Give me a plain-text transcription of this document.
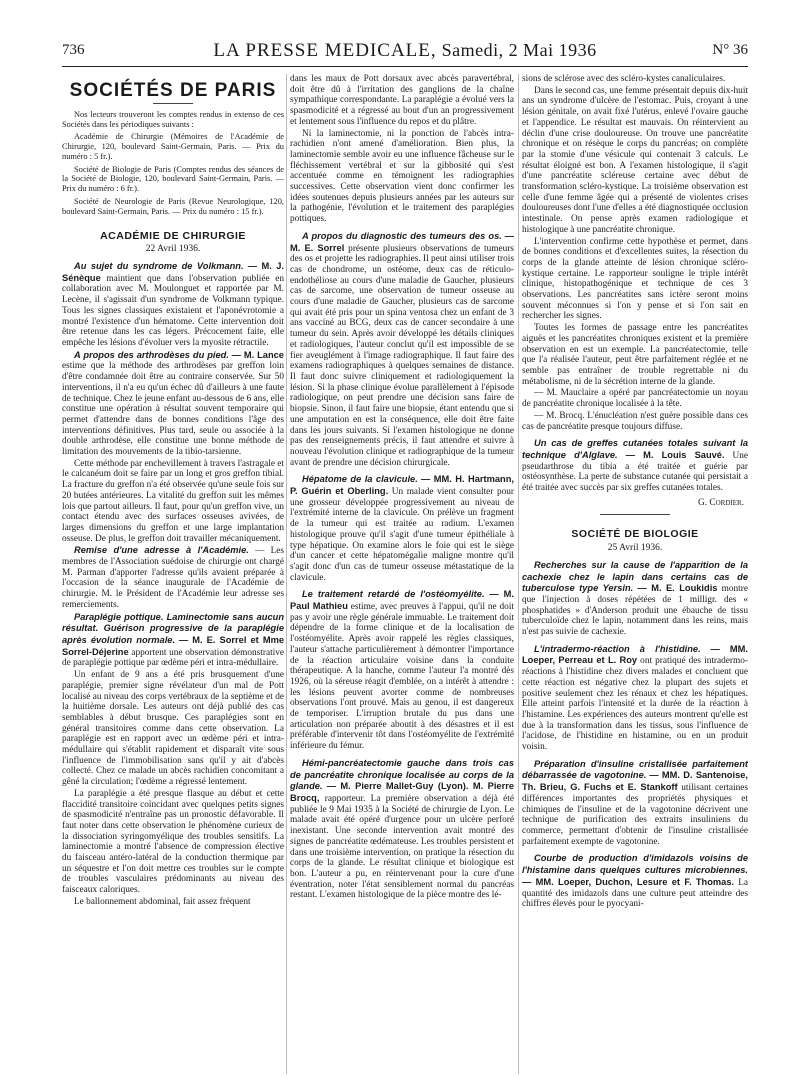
736	LA PRESSE MEDICALE, Samedi, 2 Mai 1936	N° 36
SOCIÉTÉS DE PARIS

Nos lecteurs trouveront les comptes rendus in extenso de ces Sociétés dans les périodiques suivants :

Académie de Chirurgie (Mémoires de l'Académie de Chirurgie, 120, boulevard Saint-Germain, Paris. — Prix du numéro : 5 fr.).

Société de Biologie de Paris (Comptes rendus des séances de la Société de Biologie, 120, boulevard Saint-Germain, Paris. — Prix du numéro : 6 fr.).

Société de Neurologie de Paris (Revue Neurologique, 120, boulevard Saint-Germain, Paris. — Prix du numéro : 15 fr.).

ACADÉMIE DE CHIRURGIE
22 Avril 1936.

Au sujet du syndrome de Volkmann. — M. J. Sénèque maintient que dans l'observation publiée en collaboration avec M. Moulonguet et rapportée par M. Lecène, il s'agissait d'un syndrome de Volkmann typique. Tous les signes classiques existaient et l'aponévrotomie a montré l'existence d'un hématome. Cette intervention doit être retenue dans les cas légers. Précocement faite, elle empêche les lésions d'évoluer vers la myosite rétractile.

A propos des arthrodèses du pied. — M. Lance estime que la méthode des arthrodèses par greffon loin d'être condamnée doit être au contraire conservée. Sur 50 interventions, il n'a eu qu'un échec dû d'ailleurs à une faute de technique. Chez le jeune enfant au-dessous de 6 ans, elle constitue une opération à résultat souvent temporaire qui permet d'attendre dans de bonnes conditions l'âge des interventions définitives. Plus tard, seule ou associée à la double arthrodèse, elle constitue une bonne méthode de limitation des mouvements de la tibio-tarsienne.

Cette méthode par enchevillement à travers l'astragale et le calcanéum doit se faire par un long et gros greffon tibial. La fracture du greffon n'a été observée qu'une seule fois sur 20 butées antérieures. La vitalité du greffon suit les mêmes lois que partout ailleurs. Il faut, pour qu'un greffon vive, un contact étendu avec des surfaces osseuses avivées, de larges dimensions du greffon et une large implantation osseuse. De plus, le greffon doit travailler mécaniquement.

Remise d'une adresse à l'Académie. — Les membres de l'Association suédoise de chirurgie ont chargé M. Parman d'apporter l'adresse qu'ils avaient préparée à l'occasion de la séance inaugurale de l'Académie de chirurgie. M. le Président de l'Académie leur adresse ses remerciements.

Paraplégie pottique. Laminectomie sans aucun résultat. Guérison progressive de la paraplégie après évolution normale. — M. E. Sorrel et Mme Sorrel-Déjerine apportent une observation démonstrative de paraplégie pottique par œdème péri et intra-médullaire.

Un enfant de 9 ans a été pris brusquement d'une paraplégie, premier signe révélateur d'un mal de Pott localisé au niveau des corps vertébraux de la septième et de la huitième dorsale. Les auteurs ont déjà publié des cas semblables à début brusque. Ces paraplégies sont en général transitoires comme dans cette observation. La paraplégie est en rapport avec un œdème péri et intra-médullaire qui s'établit rapidement et disparaît vite sous l'influence de l'immobilisation sans qu'il y ait d'abcès collecté. Chez ce malade un abcès rachidien concomitant a gêné la circulation; l'œdème a régressé lentement.

La paraplégie a été presque flasque au début et cette flaccidité transitoire coïncidant avec quelques petits signes de spasmodicité n'entraîne pas un pronostic défavorable. Il faut noter dans cette observation le phénomène curieux de la dissociation syringomyélique des troubles sensitifs. La laminectomie a montré l'absence de compression élective du faisceau antéro-latéral de la conduction thermique par un séquestre et l'on doit mettre ces troubles sur le compte de troubles vasculaires prédominants au niveau des faisceaux caloriques.

Le ballonnement abdominal, fait assez fréquent

dans les maux de Pott dorsaux avec abcès paravertébral, doit être dû à l'irritation des ganglions de la chaîne sympathique correspondante. La paraplégie a évolué vers la spasmodicité et a régressé au bout d'un an progressivement et lentement sous l'influence du repos et du plâtre.

Ni la laminectomie, ni la ponction de l'abcès intra-rachidien n'ont amené d'amélioration. Bien plus, la laminectomie semble avoir eu une influence fâcheuse sur le fléchissement vertébral et sur la gibbosité qui s'est accentuée comme en témoignent les radiographies successives. Cette observation vient donc confirmer les idées soutenues depuis plusieurs années par les auteurs sur la pathogénie, l'évolution et le traitement des paraplégies pottiques.

A propos du diagnostic des tumeurs des os. — M. E. Sorrel présente plusieurs observations de tumeurs des os et projette les radiographies. Il peut ainsi utiliser trois cas de chondrome, un ostéome, deux cas de réticulo-endothéliose au cours d'une maladie de Gaucher, plusieurs cas de sarcome, une observation de tumeur osseuse au cours d'une maladie de Gaucher, plusieurs cas de sarcome qui avait été pris pour un spina ventosa chez un enfant de 3 ans vacciné au BCG, deux cas de cancer secondaire à une tumeur du sein. Après avoir développé les détails cliniques et radiologiques, l'auteur conclut qu'il est impossible de se fier aveuglément à l'image radiographique. Il faut faire des examens radiographiques à quelques semaines de distance. Il faut donc suivre cliniquement et radiologiquement la lésion. Si la phase clinique évolue parallèlement à l'épisode radiologique, on peut prendre une décision sans faire de biopsie. Sinon, il faut faire une biopsie, étant entendu que si une amputation en est la conséquence, elle doit être faite dans les jours suivants. Si l'examen histologique ne donne pas des renseignements précis, il faut attendre et suivre à nouveau l'évolution clinique et radiographique de la tumeur avant de prendre une décision chirurgicale.

Hépatome de la clavicule. — MM. H. Hartmann, P. Guérin et Oberling. Un malade vient consulter pour une grosseur développée progressivement au niveau de l'extrémité interne de la clavicule. On prélève un fragment de la tumeur qui est traitée au radium. L'examen histologique prouve qu'il s'agit d'une tumeur épithéliale à type hépatique. On examine alors le foie qui est le siège d'un cancer et cette hépatomégalie maligne montre qu'il s'agit donc d'un cas de tumeur osseuse métastatique de la clavicule.

Le traitement retardé de l'ostéomyélite. — M. Paul Mathieu estime, avec preuves à l'appui, qu'il ne doit pas y avoir une règle générale immuable. Le traitement doit dépendre de la forme clinique et de la localisation de l'ostéomyélite. Après avoir rappelé les règles classiques, l'auteur s'attache particulièrement à démontrer l'importance de la réaction articulaire voisine dans la conduite thérapeutique. A la hanche, comme l'auteur l'a montré dès 1926, où la séreuse réagit d'emblée, on a intérêt à attendre : les lésions peuvent avorter comme de nombreuses observations l'ont prouvé. Mais au genou, il est dangereux de temporiser. L'irruption brutale du pus dans une articulation non préparée aboutit à des désastres et il est préférable d'intervenir tôt dans l'ostéomyélite de l'extrémité inférieure du fémur.

Hémi-pancréatectomie gauche dans trois cas de pancréatite chronique localisée au corps de la glande. — M. Pierre Mallet-Guy (Lyon). M. Pierre Brocq, rapporteur. La première observation a déjà été publiée le 9 Mai 1935 à la Société de chirurgie de Lyon. Le malade avait été opéré d'urgence pour un ulcère perforé inexistant. Une seconde intervention avait montré des signes de pancréatite œdémateuse. Les troubles persistent et dans une troisième intervention, on pratique la résection du corps de la glande. Le résultat clinique et biologique est bon. L'auteur a pu, en réintervenant pour la cure d'une éventration, noter l'état sensiblement normal du pancréas restant. L'examen histologique de la pièce montre des lé-

sions de sclérose avec des scléro-kystes canaliculaires.

Dans le second cas, une femme présentait depuis dix-huit ans un syndrome d'ulcère de l'estomac. Puis, croyant à une lésion génitale, on avait fixé l'utérus, enlevé l'ovaire gauche et l'appendice. Le résultat est mauvais. On réintervient au déclin d'une crise douloureuse. On trouve une pancréatite chronique et on résèque le corps du pancréas; on complète par la stomie d'une vésicule qui contenait 3 calculs. Le résultat éloigné est bon. A l'examen histologique, il s'agit d'une pancréatite scléreuse certaine avec début de transformation scléro-kystique. La troisième observation est celle d'une femme âgée qui a présenté de violentes crises douloureuses dont l'une d'elles a été diagnostiquée occlusion intestinale. On pense après examen radiologique et histologique à une pancréatite chronique.

L'intervention confirme cette hypothèse et permet, dans de bonnes conditions et d'excellentes suites, la résection du corps de la glande atteinte de lésion chronique scléro-kystique certaine. Le rapporteur souligne le triple intérêt clinique, histopathogénique et technique de ces 3 observations. Les pancréatites sans ictère seront moins souvent méconnues si l'on y pense et si l'on sait en rechercher les signes.

Toutes les formes de passage entre les pancréatites aiguës et les pancréatites chroniques existent et la première observation en est un exemple. La pancréatectomie, telle que l'a réalisée l'auteur, peut être parfaitement réglée et ne semble pas entraîner de trouble regrettable ni du métabolisme, ni de la sécrétion interne de la glande.

— M. Mauclaire a opéré par pancréatectomie un noyau de pancréatite chronique localisée à la tête.

— M. Brocq. L'énucléation n'est guère possible dans ces cas de pancréatite presque toujours diffuse.

Un cas de greffes cutanées totales suivant la technique d'Alglave. — M. Louis Sauvé. Une pseudarthrose du tibia a été traitée et guérie par ostéosynthèse. La perte de substance cutanée qui persistait a été traitée avec succès par six greffes cutanées totales.

G. Cordier.
SOCIÉTÉ DE BIOLOGIE
25 Avril 1936.

Recherches sur la cause de l'apparition de la cachexie chez le lapin dans certains cas de tuberculose type Yersin. — M. E. Loukidis montre que l'injection à doses répétées de 1 milligr. des « phosphatides » d'Anderson produit une ébauche de tissu tuberculoïde chez le lapin, notamment dans les reins, mais n'est pas suivie de cachexie.

L'intradermo-réaction à l'histidine. — MM. Loeper, Perreau et L. Roy ont pratiqué des intradermo-réactions à l'histidine chez divers malades et concluent que cette réaction est négative chez la plupart des sujets et positive seulement chez les rénaux et chez les hépatiques. Elle atteint parfois l'intensité et la durée de la réaction à l'histamine. Les expériences des auteurs montrent qu'elle est due à la transformation dans les tissus, sous l'influence de l'acidose, de l'histidine en histamine, ou en un produit voisin.

Préparation d'insuline cristallisée parfaitement débarrassée de vagotonine. — MM. D. Santenoise, Th. Brieu, G. Fuchs et E. Stankoff utilisant certaines différences importantes des propriétés physiques et chimiques de l'insuline et de la vagotonine décrivent une technique de purification des extraits insuliniens du commerce, permettant d'obtenir de l'insuline cristallisée parfaitement exempte de vagotonine.

Courbe de production d'imidazols voisins de l'histamine dans quelques cultures microbiennes. — MM. Loeper, Duchon, Lesure et F. Thomas. La quantité des imidazols dans une culture peut atteindre des chiffres élevés pour le pyocyani-
